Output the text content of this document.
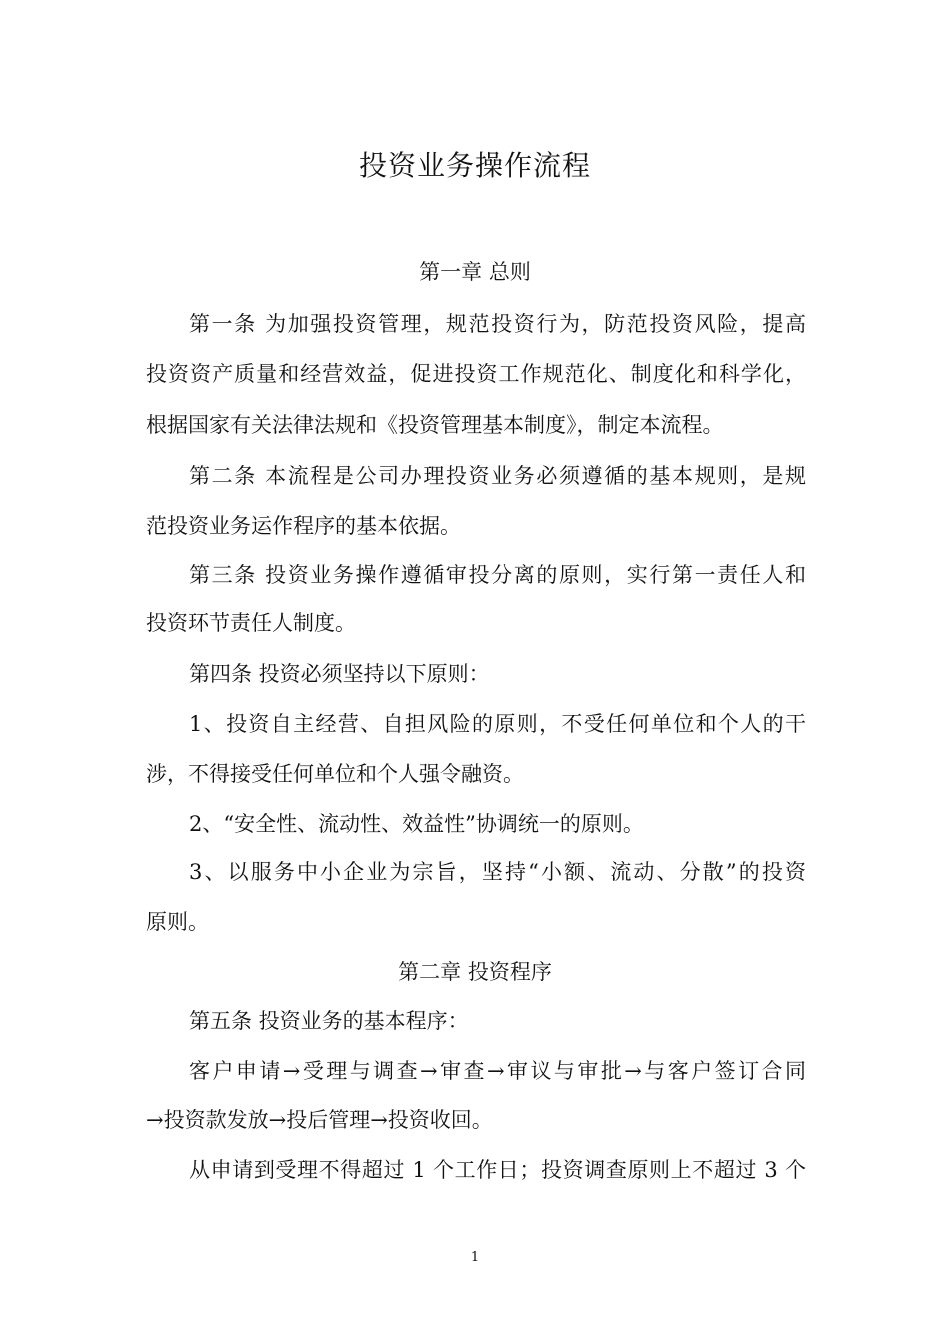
投资业务操作流程
第一章 总则
第一条 为加强投资管理，规范投资行为，防范投资风险，提高
投资资产质量和经营效益，促进投资工作规范化、制度化和科学化，
根据国家有关法律法规和《投资管理基本制度》，制定本流程。
第二条 本流程是公司办理投资业务必须遵循的基本规则，是规
范投资业务运作程序的基本依据。
第三条 投资业务操作遵循审投分离的原则，实行第一责任人和
投资环节责任人制度。
第四条 投资必须坚持以下原则：
1、投资自主经营、自担风险的原则，不受任何单位和个人的干
涉，不得接受任何单位和个人强令融资。
2、“安全性、流动性、效益性”协调统一的原则。
3、以服务中小企业为宗旨，坚持“小额、流动、分散”的投资
原则。
第二章 投资程序
第五条 投资业务的基本程序：
客户申请→受理与调查→审查→审议与审批→与客户签订合同
→投资款发放→投后管理→投资收回。
从申请到受理不得超过 1 个工作日；投资调查原则上不超过 3 个
1
